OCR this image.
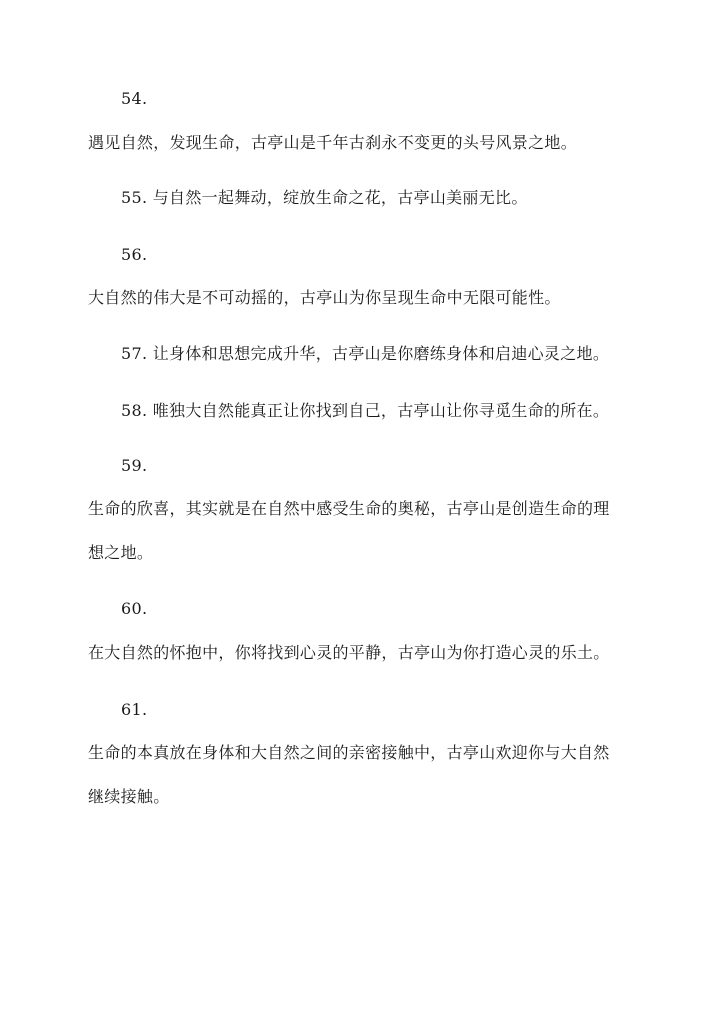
54.
遇见自然，发现生命，古亭山是千年古刹永不变更的头号风景之地。
55. 与自然一起舞动，绽放生命之花，古亭山美丽无比。
56.
大自然的伟大是不可动摇的，古亭山为你呈现生命中无限可能性。
57. 让身体和思想完成升华，古亭山是你磨练身体和启迪心灵之地。
58. 唯独大自然能真正让你找到自己，古亭山让你寻觅生命的所在。
59.
生命的欣喜，其实就是在自然中感受生命的奥秘，古亭山是创造生命的理
想之地。
60.
在大自然的怀抱中，你将找到心灵的平静，古亭山为你打造心灵的乐土。
61.
生命的本真放在身体和大自然之间的亲密接触中，古亭山欢迎你与大自然
继续接触。
